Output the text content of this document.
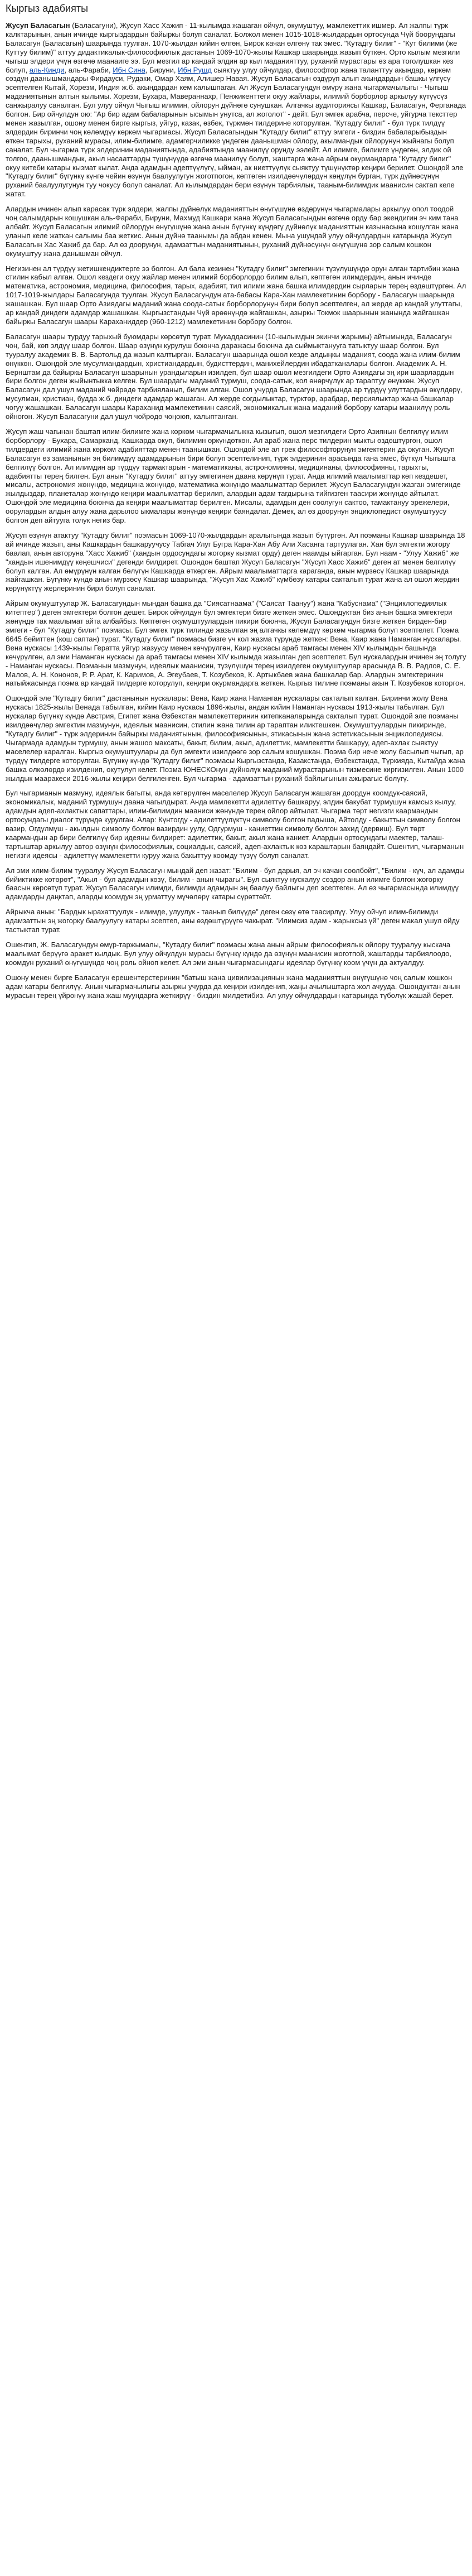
Кыргыз адабияты

Жусуп Баласагын (Баласагуни), Жусуп Хасс Хажип - 11-кылымда жашаган ойчул, окумуштуу, мамлекеттик ишмер. Ал жалпы түрк калктарынын, анын ичинде кыргыздардын байыркы болуп саналат. Болжол менен 1015-1018-жылдардын ортосунда Чүй боорундагы Баласагун (Баласагын) шаарында туулган. 1070-жылдан кийин өлгөн, Бирок качан өлгөнү так эмес. "Кутадгу билиг" - "Кут билими (же Куттуу билим)" аттуу дидактикалык-философиялык дастанын 1069-1070-жылы Кашкар шаарында жазып бүткөн. Орто кылым мезгили чыгыш элдери үчүн өзгөчө маанаиге ээ. Бул мезгил ар кандай элдин ар кыл маданияттуу, руханий мурастары өз ара тоголушкан кез болуп, аль-Кинди, аль-Фараби, Ибн Сина, Бируни, Ибн Рушд сыяктуу улуу ойчулдар, философтор жана таланттуу акындар, көркөм сөздүн даанышмандары Фирдауси, Рудаки, Омар Хаям, Алишер Навая. Жусуп Баласагын өздүрүп алып акындардын башкы үлгүсү эсептелген Кытай, Хорезм, Индия ж.б. акындардан кем калышпаган. Ал Жусуп Баласагундун өмүрү жана чыгармачылыгы - Чыгыш маданиятынын алтын кылымы. Хорезм, Бухара, Мавераннахр, Пенжикенттеги окуу жайлары, илимий борборлор аркылуу күтүүсүз санжыралуу саналган. Бул улуу ойчул Чыгыш илимин, ойлорун дүйнөгө сунушкан. Алгачкы аудиториясы Кашкар, Баласагун, Ферганада болгон. Бир ойчулдун ою: "Ар бир адам бабаларынын ысымын унутса, ал жоголот" - дейт. Бул эмгек арабча, персче, уйгурча тексттер менен жазылган, ошону менен бирге кыргыз, уйгур, казак, өзбек, түркмөн тилдерине которулган. "Кутадгу билиг" - бул түрк тилдүү элдердин биринчи чоң көлөмдүү көркөм чыгармасы. Жусуп Баласагындын "Кутадгу билиг" аттуу эмгеги - биздин бабаларыбыздын өткөн тарыхы, руханий мурасы, илим-билимге, адамгерчиликке үндөгөн даанышман ойлору, акылмандык ойлорунун жыйнагы болуп саналат. Бул чыгарма түрк элдеринин маданиятында, адабиятында маанилүү орунду ээлейт. Ал илимге, билимге үндөгөн, элдик ой толгоо, даанышмандык, акыл насааттарды түшүнүүдө өзгөчө маанилүү болуп, жаштарга жана айрым окурмандарга "Кутадгу билиг" окуу китеби катары кызмат кылат. Анда адамдын адептүүлүгү, ыйман, ак ниеттүүлүк сыяктуу түшүнүктөр кеңири берилет. Ошондой эле "Кутадгу билиг" бүгүнкү күнгө чейин өзүнүн баалуулугун жоготпогон, көптөгөн изилдөөчүлөрдүн көңүлүн бурган, түрк дүйнөсүнүн руханий баалуулугунун туу чокусу болуп саналат. Ал кылымдардан бери өзүнүн тарбиялык, тааным-билимдик маанисин сактап келе жатат.

Алардын ичинен алып карасак түрк элдери, жалпы дүйнөлүк маданияттын өнүгүшүнө өздөрүнүн чыгармалары аркылуу опол тоодой чоң салымдарын кошушкан аль-Фараби, Бируни, Махмуд Кашкари жана Жусуп Баласагындын өзгөчө орду бар экендигин эч ким тана албайт. Жусуп Баласагын илимий ойлордун өнүгүшүнө жана анын бүгүнкү күндөгү дүйнөлүк маданияттын казынасына кошулган жана уланып келе жаткан салымы баа жеткис. Анын дүйнө таанымы да абдан кенен. Мына ушундай улуу ойчулдардын катарында Жусуп Баласагын Хас Хажиб да бар. Ал өз доорунун, адамзаттын маданиятынын, руханий дүйнөсүнүн өнүгүшүнө зор салым кошкон окумуштуу жана данышман ойчул.

Негизинен ал түрдүү жетишкендиктерге ээ болгон. Ал бала кезинен "Кутадгу билиг" эмгегинин түзүлүшүндө орун алган тартибин жана стилин кабыл алган. Ошол кездеги окуу жайлар менен илимий борборлордо билим алып, көптөгөн илимдердин, анын ичинде математика, астрономия, медицина, философия, тарых, адабият, тил илими жана башка илимдердин сырларын терең өздөштүргөн. Ал 1017-1019-жылдары Баласагунда туулган. Жусуп Баласагундун ата-бабасы Кара-Хан мамлекетинин борбору - Баласагун шаарында жашашкан. Бул шаар Орто Азиядагы маданий жана соода-сатык борборлорунун бири болуп эсептелген, ал жерде ар кандай улуттагы, ар кандай диндеги адамдар жашашкан. Кыргызстандын Чүй өрөөнүндө жайгашкан, азыркы Токмок шаарынын жанында жайгашкан байыркы Баласагун шаары Караханиддер (960-1212) мамлекетинин борбору болгон.

Баласагун шаары турдуу тарыхый буюмдары көрсөтүп турат. Мукаддасинин (10-кылымдын экинчи жарымы) айтымында, Баласагун чоң, бай, көп элдүү шаар болгон. Шаар өзүнүн курулуш боюнча даражасы боюнча да сыймыктанууга татыктуу шаар болгон. Бул тууралуу академик В. В. Бартольд да жазып калтырган. Баласагун шаарында ошол кезде алдыңкы маданият, соода жана илим-билим өнүккөн. Ошондой эле мусулмандардын, христиандардын, будисттердин, манихейлердин ибадатканалары болгон. Академик А. Н. Бернштам да байыркы Баласагун шаарынын урандыларын изилдеп, бул шаар ошол мезгилдеги Орто Азиядагы эң ири шаарлардын бири болгон деген жыйынтыкка келген. Бул шаардагы маданий турмуш, соода-сатык, кол өнөрчүлүк ар тараптуу өнүккөн. Жусуп Баласагун дал ушул маданий чөйрөдө тарбияланып, билим алган. Ошол учурда Баласагун шаарында ар түрдүү улуттардын өкүлдөрү, мусулман, христиан, будда ж.б. диндеги адамдар жашаган. Ал жерде согдылыктар, түрктөр, арабдар, персиялыктар жана башкалар чогуу жашашкан. Баласагун шаары Караханид мамлекетинин саясий, экономикалык жана маданий борбору катары маанилүү роль ойногон. Жусуп Баласагуни дал ушул чөйрөдө чоңоюп, калыптанган.

Жусуп жаш чагынан баштап илим-билимге жана көркөм чыгармачылыкка кызыгып, ошол мезгилдеги Орто Азиянын белгилүү илим борборлору - Бухара, Самарканд, Кашкарда окуп, билимин өркүндөткөн. Ал араб жана перс тилдерин мыкты өздөштүргөн, ошол тилдердеги илимий жана көркөм адабияттар менен таанышкан. Ошондой эле ал грек философторунун эмгектерин да окуган. Жусуп Баласагун өз заманынын эң билимдүү адамдарынын бири болуп эсептелинип, түрк элдеринин арасында гана эмес, бүткүл Чыгышта белгилүү болгон. Ал илимдин ар түрдүү тармактарын - математиканы, астрономияны, медицинаны, философияны, тарыхты, адабиятты терең билген. Бул анын "Кутадгу билиг" аттуу эмгегинен даана көрүнүп турат. Анда илимий маалыматтар көп кездешет, мисалы, астрономия жөнүндө, медицина жөнүндө, математика жөнүндө маалыматтар берилет. Жусуп Баласагундун жазган эмгегинде жылдыздар, планеталар жөнүндө кеңири маалыматтар берилип, алардын адам тагдырына тийгизген таасири жөнүндө айтылат. Ошондой эле медицина боюнча да кеңири маалыматтар берилген. Мисалы, адамдын ден соолугун сактоо, тамактануу эрежелери, оорулардын алдын алуу жана дарылоо ыкмалары жөнүндө кеңири баяндалат. Демек, ал өз доорунун энциклопедист окумуштуусу болгон деп айтууга толук негиз бар.

Жусуп өзүнүн атактуу "Кутадгу билиг" поэмасын 1069-1070-жылдардын аралыгында жазып бүтүргөн. Ал поэманы Кашкар шаарында 18 ай ичинде жазып, аны Кашкардын башкаруучусу Табгач Улуг Бугра Кара-Хан Абу Али Хасанга тартуулаган. Хан бул эмгекти жогору баалап, анын авторуна "Хасс Хажиб" (хандын ордосундагы жогорку кызмат орду) деген наамды ыйгарган. Бул наам - "Улуу Хажиб" же "хандын ишенимдүү кеңешчиси" дегенди билдирет. Ошондон баштап Жусуп Баласагун "Жусуп Хасс Хажиб" деген ат менен белгилүү болуп калган. Ал өмүрүнүн калган бөлүгүн Кашкарда өткөргөн. Айрым маалыматтарга караганда, анын мүрзөсү Кашкар шаарында жайгашкан. Бүгүнкү күндө анын мүрзөсү Кашкар шаарында, "Жусуп Хас Хажиб" күмбөзү катары сакталып турат жана ал ошол жердин көрүнүктүү жерлеринин бири болуп саналат.

Айрым окумуштуулар Ж. Баласагундын мындан башка да "Сиясатнаама" ("Саясат Таануу") жана "Кабуснама" ("Энциклопедиялык китептер") деген эмгектери болгон дешет. Бирок ойчулдун бул эмгектери бизге жеткен эмес. Ошондуктан биз анын башка эмгектери жөнүндө так маалымат айта албайбыз. Көптөгөн окумуштуулардын пикири боюнча, Жусуп Баласагундун бизге жеткен бирден-бир эмгеги - бул "Кутадгу билиг" поэмасы. Бул эмгек түрк тилинде жазылган эң алгачкы көлөмдүү көркөм чыгарма болуп эсептелет. Поэма 6645 бейиттен (кош саптан) турат. "Кутадгу билиг" поэмасы бизге үч кол жазма түрүндө жеткен: Вена, Каир жана Наманган нускалары. Вена нускасы 1439-жылы Гератта уйгур жазуусу менен көчүрүлгөн, Каир нускасы араб тамгасы менен XIV кылымдын башында көчүрүлгөн, ал эми Наманган нускасы да араб тамгасы менен XIV кылымда жазылган деп эсептелет. Бул нускалардын ичинен эң толугу - Наманган нускасы. Поэманын мазмунун, идеялык маанисин, түзүлүшүн терең изилдеген окумуштуулар арасында В. В. Радлов, С. Е. Малов, А. Н. Кононов, Р. Р. Арат, К. Каримов, А. Эгеубаев, Т. Козубеков, К. Артыкбаев жана башкалар бар. Алардын эмгектеринин натыйжасында поэма ар кандай тилдерге которулуп, кеңири окурмандарга жеткен. Кыргыз тилине поэманы акын Т. Козубеков которгон.

Ошондой эле "Кутадгу билиг" дастанынын нускалары: Вена, Каир жана Наманган нускалары сакталып калган. Биринчи жолу Вена нускасы 1825-жылы Венада табылган, кийин Каир нускасы 1896-жылы, андан кийин Наманган нускасы 1913-жылы табылган. Бул нускалар бүгүнкү күндө Австрия, Египет жана Өзбекстан мамлекеттеринин китепканаларында сакталып турат. Ошондой эле поэманы изилдөөчүлөр эмгектин мазмунун, идеялык маанисин, стилин жана тилин ар тараптан иликтешкен. Окумуштуулардын пикиринде, "Кутадгу билиг" - түрк элдеринин байыркы маданиятынын, философиясынын, этикасынын жана эстетикасынын энциклопедиясы. Чыгармада адамдын турмушу, анын жашоо максаты, бакыт, билим, акыл, адилеттик, мамлекетти башкаруу, адеп-ахлак сыяктуу маселелер каралган. Кыргыз окумуштуулары да бул эмгекти изилдөөгө зор салым кошушкан. Поэма бир нече жолу басылып чыгып, ар түрдүү тилдерге которулган. Бүгүнкү күндө "Кутадгу билиг" поэмасы Кыргызстанда, Казакстанда, Өзбекстанда, Түркияда, Кытайда жана башка өлкөлөрдө изилденип, окутулуп келет. Поэма ЮНЕСКОнун дүйнөлүк маданий мурастарынын тизмесине киргизилген. Анын 1000 жылдык мааракеси 2016-жылы кеңири белгиленген. Бул чыгарма - адамзаттын руханий байлыгынын ажырагыс бөлүгү.

Бул чыгарманын мазмуну, идеялык багыты, анда көтөрүлгөн маселелер Жусуп Баласагун жашаган доордун коомдук-саясий, экономикалык, маданий турмушун даана чагылдырат. Анда мамлекетти адилеттүү башкаруу, элдин бакубат турмушун камсыз кылуу, адамдын адеп-ахлактык сапаттары, илим-билимдин мааниси жөнүндө терең ойлор айтылат. Чыгарма төрт негизги каармандын ортосундагы диалог түрүндө курулган. Алар: Күнтогду - адилеттүүлүктүн символу болгон падыша, Айтолду - бакыттын символу болгон вазир, Огдүлмүш - акылдын символу болгон вазирдин уулу, Одгурмуш - каниеттин символу болгон захид (дервиш). Бул төрт каармандын ар бири белгилүү бир идеяны билдирет: адилеттик, бакыт, акыл жана каниет. Алардын ортосундагы маектер, талаш-тартыштар аркылуу автор өзүнүн философиялык, социалдык, саясий, адеп-ахлактык көз караштарын баяндайт. Ошентип, чыгарманын негизги идеясы - адилеттүү мамлекетти куруу жана бакыттуу коомду түзүү болуп саналат.

Ал эми илим-билим тууралуу Жусуп Баласагун мындай деп жазат: "Билим - бул дарыя, ал эч качан соолбойт", "Билим - күч, ал адамды бийиктикке көтөрөт", "Акыл - бул адамдын көзү, билим - анын чырагы". Бул сыяктуу нускалуу сөздөр анын илимге болгон жогорку баасын көрсөтүп турат. Жусуп Баласагун илимди, билимди адамдын эң баалуу байлыгы деп эсептеген. Ал өз чыгармасында илимдүү адамдарды даңктап, аларды коомдун эң урматтуу мүчөлөрү катары сүрөттөйт.

Айрыкча анын: "Бардык ырахаттуулук - илимде, улуулук - таанып билүүдө" деген сөзү өтө таасирлүү. Улуу ойчул илим-билимди адамзаттын эң жогорку баалуулугу катары эсептеп, аны өздөштүрүүгө чакырат. "Илимсиз адам - жарыксыз үй" деген макал ушул ойду тастыктап турат.

Ошентип, Ж. Баласагундун өмүр-таржымалы, "Кутадгу билиг" поэмасы жана анын айрым философиялык ойлору тууралуу кыскача маалымат берүүгө аракет кылдык. Бул улуу ойчулдун мурасы бүгүнкү күндө да өзүнүн маанисин жоготпой, жаштарды тарбиялоодо, коомдун руханий өнүгүшүндө чоң роль ойноп келет. Ал эми анын чыгармасындагы идеялар бүгүнкү коом үчүн да актуалдуу.

Ошону менен бирге Баласагун ерешентерстеринин "батыш жана цивилизациянын жана маданияттын өнүгүшүнө чоң салым кошкон адам катары белгилүү. Анын чыгармачылыгы азыркы учурда да кеңири изилденип, жаңы ачылыштарга жол ачууда. Ошондуктан анын мурасын терең үйрөнүү жана жаш муундарга жеткирүү - биздин милдетибиз. Ал улуу ойчулдардын катарында түбөлүк жашай берет.
